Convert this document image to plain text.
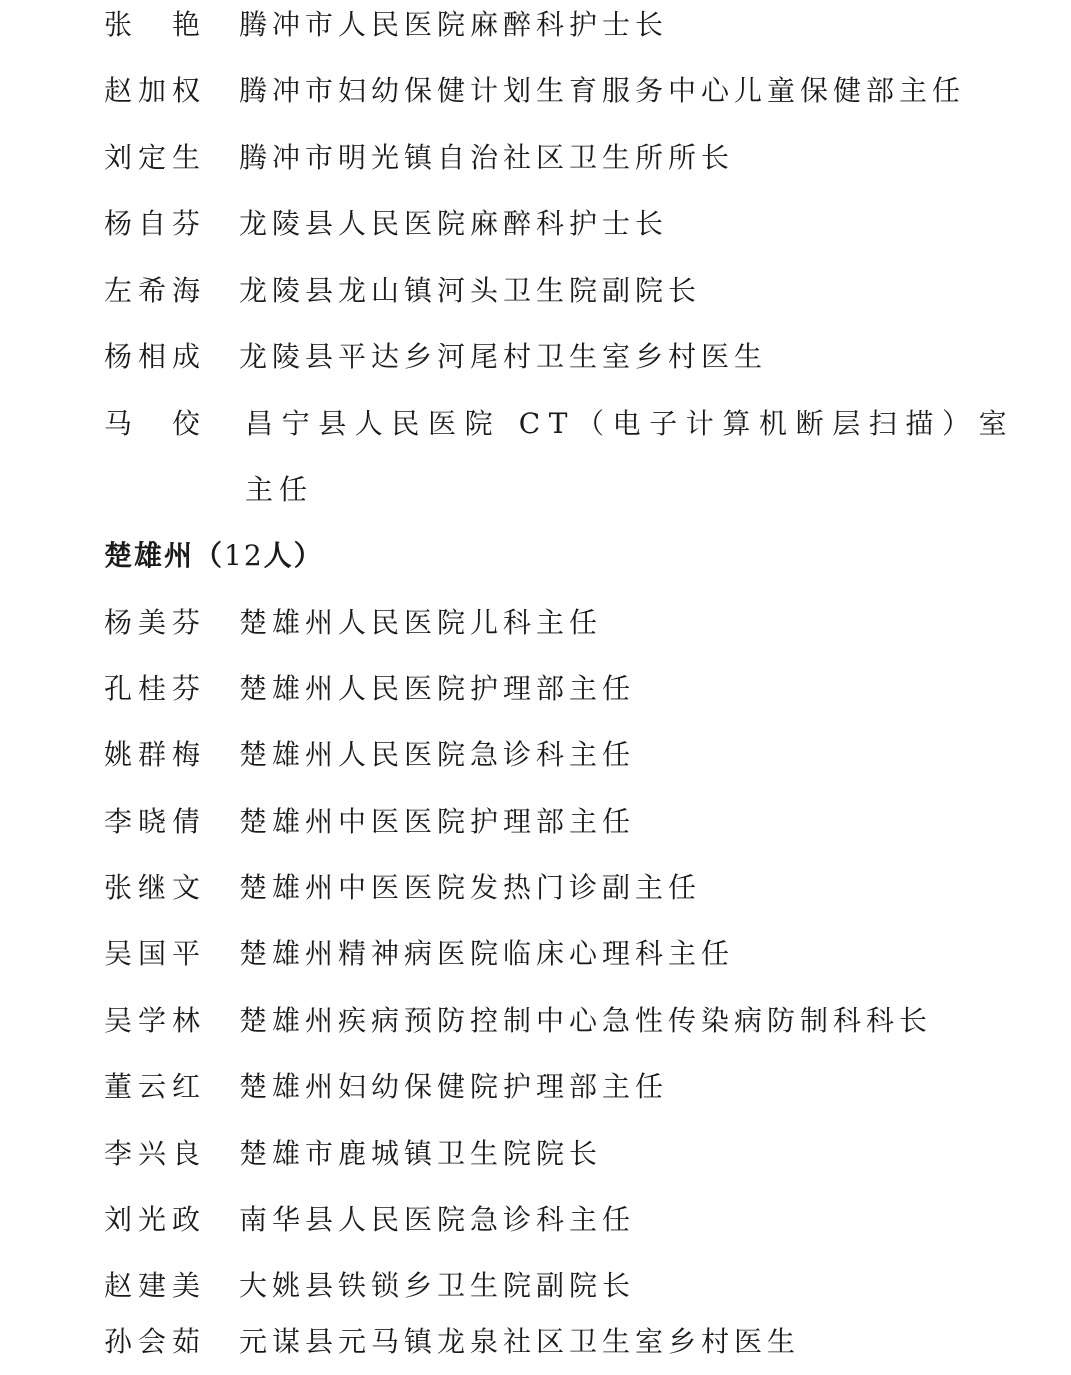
张　艳 腾冲市人民医院麻醉科护士长
赵加权 腾冲市妇幼保健计划生育服务中心儿童保健部主任
刘定生 腾冲市明光镇自治社区卫生所所长
杨自芬 龙陵县人民医院麻醉科护士长
左希海 龙陵县龙山镇河头卫生院副院长
杨相成 龙陵县平达乡河尾村卫生室乡村医生
马　佼 昌宁县人民医院 CT（电子计算机断层扫描）室
主任
楚雄州（12人）
杨美芬 楚雄州人民医院儿科主任
孔桂芬 楚雄州人民医院护理部主任
姚群梅 楚雄州人民医院急诊科主任
李晓倩 楚雄州中医医院护理部主任
张继文 楚雄州中医医院发热门诊副主任
吴国平 楚雄州精神病医院临床心理科主任
吴学林 楚雄州疾病预防控制中心急性传染病防制科科长
董云红 楚雄州妇幼保健院护理部主任
李兴良 楚雄市鹿城镇卫生院院长
刘光政 南华县人民医院急诊科主任
赵建美 大姚县铁锁乡卫生院副院长
孙会茹 元谋县元马镇龙泉社区卫生室乡村医生
